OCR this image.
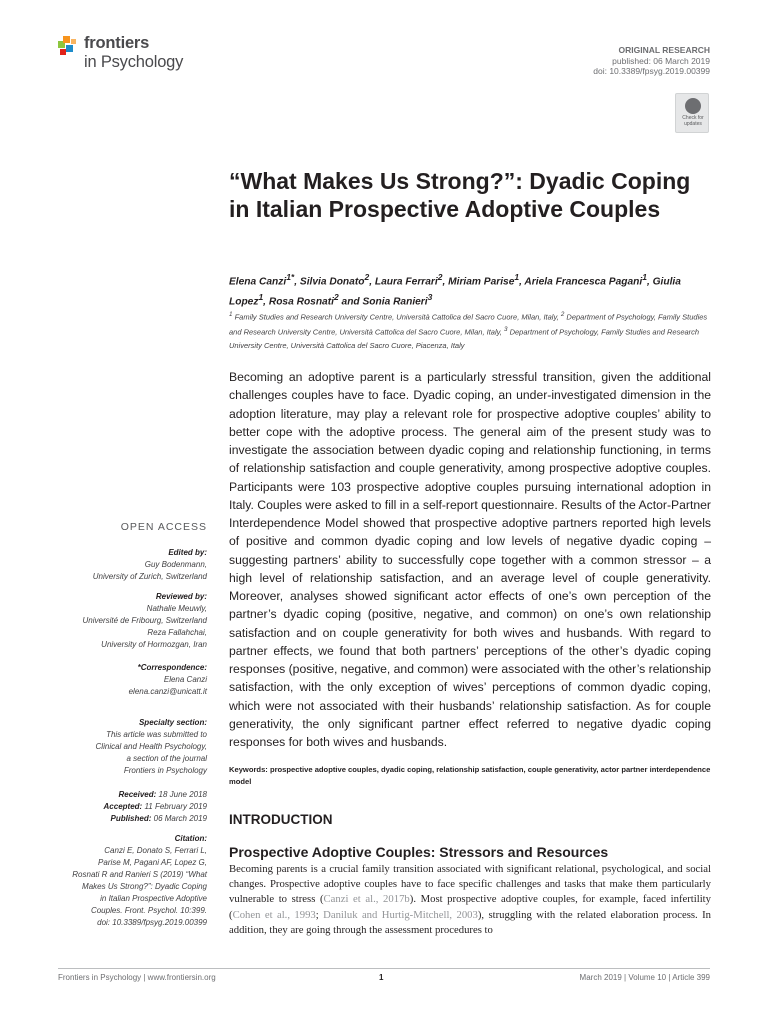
frontiers
in Psychology
ORIGINAL RESEARCH
published: 06 March 2019
doi: 10.3389/fpsyg.2019.00399
Check for updates
“What Makes Us Strong?”: Dyadic Coping in Italian Prospective Adoptive Couples
Elena Canzi$^{1*}$, Silvia Donato$^2$, Laura Ferrari$^2$, Miriam Parise$^1$, Ariela Francesca Pagani$^1$, Giulia Lopez$^1$, Rosa Rosnati$^2$ and Sonia Ranieri$^3$
$^1$ Family Studies and Research University Centre, Università Cattolica del Sacro Cuore, Milan, Italy, $^2$ Department of Psychology, Family Studies and Research University Centre, Università Cattolica del Sacro Cuore, Milan, Italy, $^3$ Department of Psychology, Family Studies and Research University Centre, Università Cattolica del Sacro Cuore, Piacenza, Italy

Becoming an adoptive parent is a particularly stressful transition, given the additional challenges couples have to face. Dyadic coping, an under-investigated dimension in the adoption literature, may play a relevant role for prospective adoptive couples’ ability to better cope with the adoptive process. The general aim of the present study was to investigate the association between dyadic coping and relationship functioning, in terms of relationship satisfaction and couple generativity, among prospective adoptive couples. Participants were 103 prospective adoptive couples pursuing international adoption in Italy. Couples were asked to fill in a self-report questionnaire. Results of the Actor-Partner Interdependence Model showed that prospective adoptive partners reported high levels of positive and common dyadic coping and low levels of negative dyadic coping – suggesting partners’ ability to successfully cope together with a common stressor – a high level of relationship satisfaction, and an average level of couple generativity. Moreover, analyses showed significant actor effects of one’s own perception of the partner’s dyadic coping (positive, negative, and common) on one’s own relationship satisfaction and on couple generativity for both wives and husbands. With regard to partner effects, we found that both partners’ perceptions of the other’s dyadic coping responses (positive, negative, and common) were associated with the other’s relationship satisfaction, with the only exception of wives’ perceptions of common dyadic coping, which were not associated with their husbands’ relationship satisfaction. As for couple generativity, the only significant partner effect referred to negative dyadic coping responses for both wives and husbands.

Keywords: prospective adoptive couples, dyadic coping, relationship satisfaction, couple generativity, actor partner interdependence model
OPEN ACCESS
Edited by:
Guy Bodenmann,
University of Zurich, Switzerland
Reviewed by:
Nathalie Meuwly,
Université de Fribourg, Switzerland
Reza Fallahchai,
University of Hormozgan, Iran
*Correspondence:
Elena Canzi
elena.canzi@unicatt.it
Specialty section:
This article was submitted to
Clinical and Health Psychology,
a section of the journal
Frontiers in Psychology
Received: 18 June 2018
Accepted: 11 February 2019
Published: 06 March 2019
Citation:
Canzi E, Donato S, Ferrari L,
Parise M, Pagani AF, Lopez G,
Rosnati R and Ranieri S (2019) “What
Makes Us Strong?”: Dyadic Coping
in Italian Prospective Adoptive
Couples. Front. Psychol. 10:399.
doi: 10.3389/fpsyg.2019.00399
INTRODUCTION
Prospective Adoptive Couples: Stressors and Resources

Becoming parents is a crucial family transition associated with significant relational, psychological, and social changes. Prospective adoptive couples have to face specific challenges and tasks that make them particularly vulnerable to stress (Canzi et al., 2017b). Most prospective adoptive couples, for example, faced infertility (Cohen et al., 1993; Daniluk and Hurtig-Mitchell, 2003), struggling with the related elaboration process. In addition, they are going through the assessment procedures to

Frontiers in Psychology | www.frontiersin.org	1	March 2019 | Volume 10 | Article 399
